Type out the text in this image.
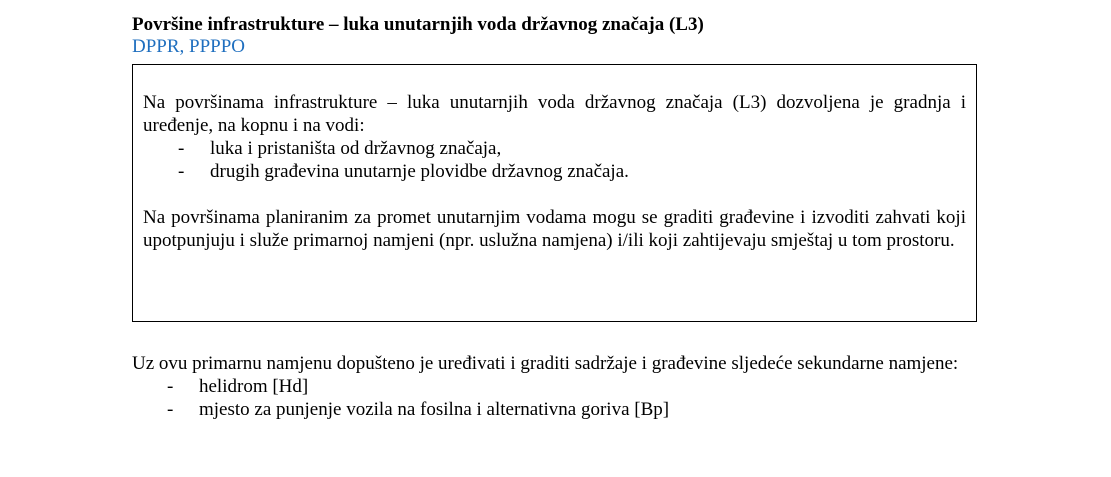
Površine infrastrukture – luka unutarnjih voda državnog značaja (L3)

DPPR, PPPPO

Na površinama infrastrukture – luka unutarnjih voda državnog značaja (L3) dozvoljena je gradnja i uređenje, na kopnu i na vodi:

- luka i pristaništa od državnog značaja,
- drugih građevina unutarnje plovidbe državnog značaja.

Na površinama planiranim za promet unutarnjim vodama mogu se graditi građevine i izvoditi zahvati koji upotpunjuju i služe primarnoj namjeni (npr. uslužna namjena) i/ili koji zahtijevaju smještaj u tom prostoru.

Uz ovu primarnu namjenu dopušteno je uređivati i graditi sadržaje i građevine sljedeće sekundarne namjene:

- helidrom [Hd]
- mjesto za punjenje vozila na fosilna i alternativna goriva [Bp]
